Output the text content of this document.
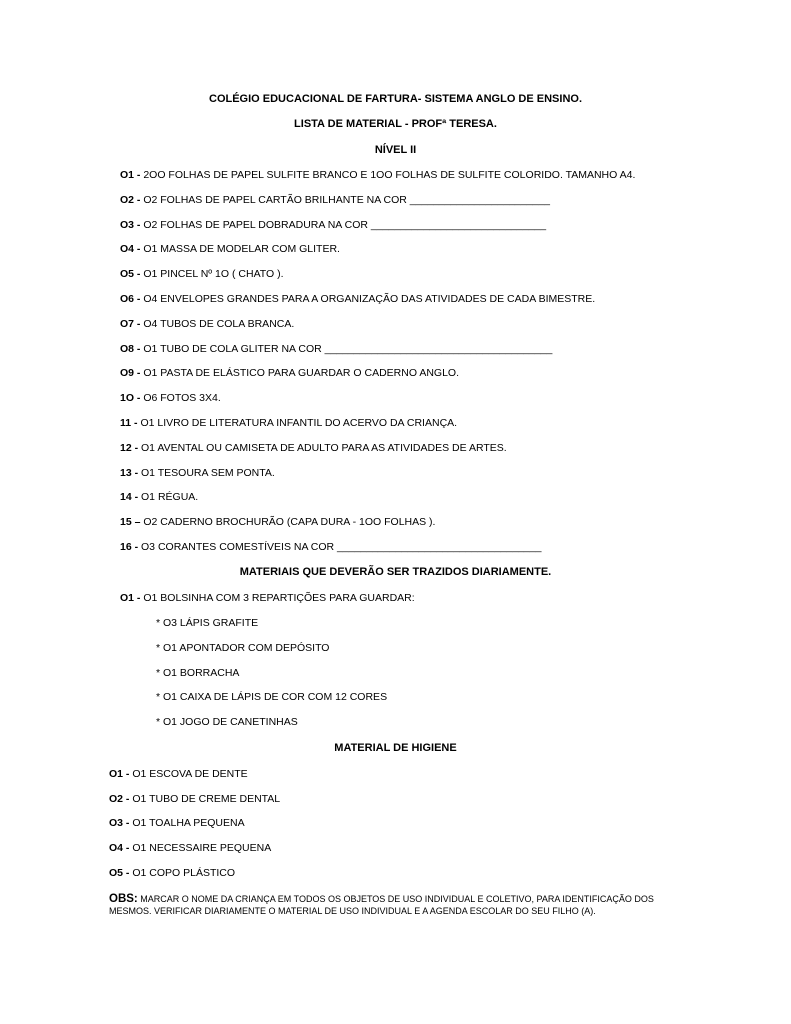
COLÉGIO EDUCACIONAL DE FARTURA- SISTEMA ANGLO DE ENSINO.
LISTA DE MATERIAL - PROFª TERESA.
NÍVEL II
O1 - 2OO FOLHAS DE PAPEL SULFITE BRANCO E 1OO FOLHAS DE SULFITE COLORIDO. TAMANHO A4.
O2 - O2 FOLHAS DE PAPEL CARTÃO BRILHANTE NA COR ________________________
O3 - O2 FOLHAS DE PAPEL DOBRADURA NA COR ______________________________
O4 - O1 MASSA DE MODELAR COM GLITER.
O5 - O1 PINCEL Nº 1O ( CHATO ).
O6 - O4 ENVELOPES GRANDES PARA A ORGANIZAÇÃO DAS ATIVIDADES DE CADA BIMESTRE.
O7 - O4 TUBOS DE COLA BRANCA.
O8 - O1 TUBO DE COLA GLITER NA COR _______________________________________
O9 - O1 PASTA DE ELÁSTICO PARA GUARDAR O CADERNO ANGLO.
1O - O6 FOTOS 3X4.
11 - O1 LIVRO DE LITERATURA INFANTIL DO ACERVO DA CRIANÇA.
12 - O1 AVENTAL OU CAMISETA DE ADULTO PARA AS ATIVIDADES DE ARTES.
13 - O1 TESOURA SEM PONTA.
14 - O1 RÉGUA.
15 – O2 CADERNO BROCHURÃO (CAPA DURA - 1OO FOLHAS ).
16 - O3 CORANTES COMESTÍVEIS NA COR ___________________________________
MATERIAIS QUE DEVERÃO SER TRAZIDOS DIARIAMENTE.
O1 - O1 BOLSINHA COM 3 REPARTIÇÕES PARA GUARDAR:
* O3 LÁPIS GRAFITE
* O1 APONTADOR COM DEPÓSITO
* O1 BORRACHA
* O1 CAIXA DE LÁPIS DE COR COM 12 CORES
* O1 JOGO DE CANETINHAS
MATERIAL DE HIGIENE
O1 - O1 ESCOVA DE DENTE
O2 - O1 TUBO DE CREME DENTAL
O3 - O1 TOALHA PEQUENA
O4 - O1 NECESSAIRE PEQUENA
O5 - O1 COPO PLÁSTICO
OBS: MARCAR O NOME DA CRIANÇA EM TODOS OS OBJETOS DE USO INDIVIDUAL E COLETIVO, PARA IDENTIFICAÇÃO DOS MESMOS. VERIFICAR DIARIAMENTE O MATERIAL DE USO INDIVIDUAL E A AGENDA ESCOLAR DO SEU FILHO (A).
